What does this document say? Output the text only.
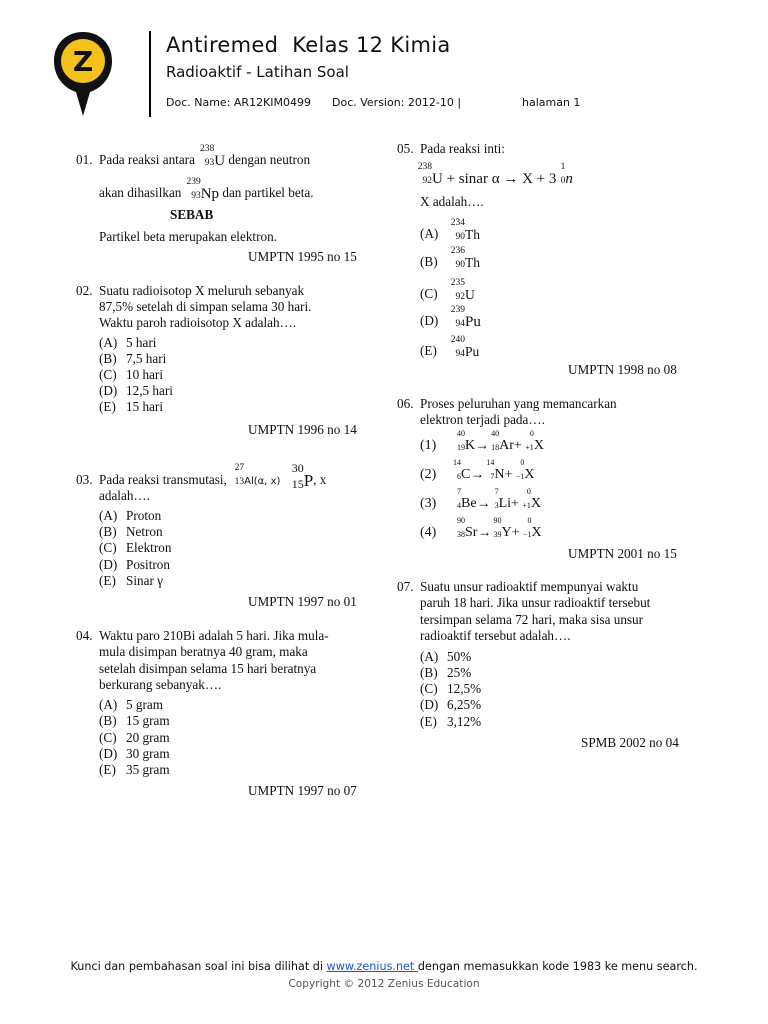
Z	Antiremed  Kelas 12 Kimia
Radioaktif - Latihan Soal
Doc. Name: AR12KIM0499 Doc. Version: 2012-10 |	halaman 1
01. Pada reaksi antara
238
93 U dengan neutron
akan dihasilkan
239
93 Np dan partikel beta.
SEBAB
Partikel beta merupakan elektron.
UMPTN 1995 no 15
02. Suatu radioisotop X meluruh sebanyak
87,5% setelah di simpan selama 30 hari.
Waktu paroh radioisotop X adalah….
(A) 5 hari
(B) 7,5 hari
(C) 10 hari
(D) 12,5 hari
(E) 15 hari
UMPTN 1996 no 14
03. Pada reaksi transmutasi,
27
13 Al(α, x)
30
15 P, x
adalah….
(A) Proton
(B) Netron
(C) Elektron
(D) Positron
(E) Sinar γ
UMPTN 1997 no 01
04. Waktu paro 210Bi adalah 5 hari. Jika mula-
mula disimpan beratnya 40 gram, maka
setelah disimpan selama 15 hari beratnya
berkurang sebanyak….
(A) 5 gram
(B) 15 gram
(C) 20 gram
(D) 30 gram
(E) 35 gram
UMPTN 1997 no 07
05. Pada reaksi inti:
238
92 U + sinar α → X + 3
1
0 n
X adalah….
(A)
234
90 Th
(B)
236
90 Th
(C)
235
92 U
(D)
239
94 Pu
(E)
240
94 Pu
UMPTN 1998 no 08
06. Proses peluruhan yang memancarkan
elektron terjadi pada….
(1)
40
19 K→
40
18 Ar+
0
+1 X
(2)
14
6 C→
14
7 N+
0
−1 X
(3)
7
4 Be→
7
3 Li+
0
+1 X
(4)
90
38 Sr→
90
39 Y+
0
−1 X
UMPTN 2001 no 15
07. Suatu unsur radioaktif mempunyai waktu
paruh 18 hari. Jika unsur radioaktif tersebut
tersimpan selama 72 hari, maka sisa unsur
radioaktif tersebut adalah….
(A) 50%
(B) 25%
(C) 12,5%
(D) 6,25%
(E) 3,12%
SPMB 2002 no 04
Kunci dan pembahasan soal ini bisa dilihat di www.zenius.net dengan memasukkan kode 1983 ke menu search.
Copyright © 2012 Zenius Education
